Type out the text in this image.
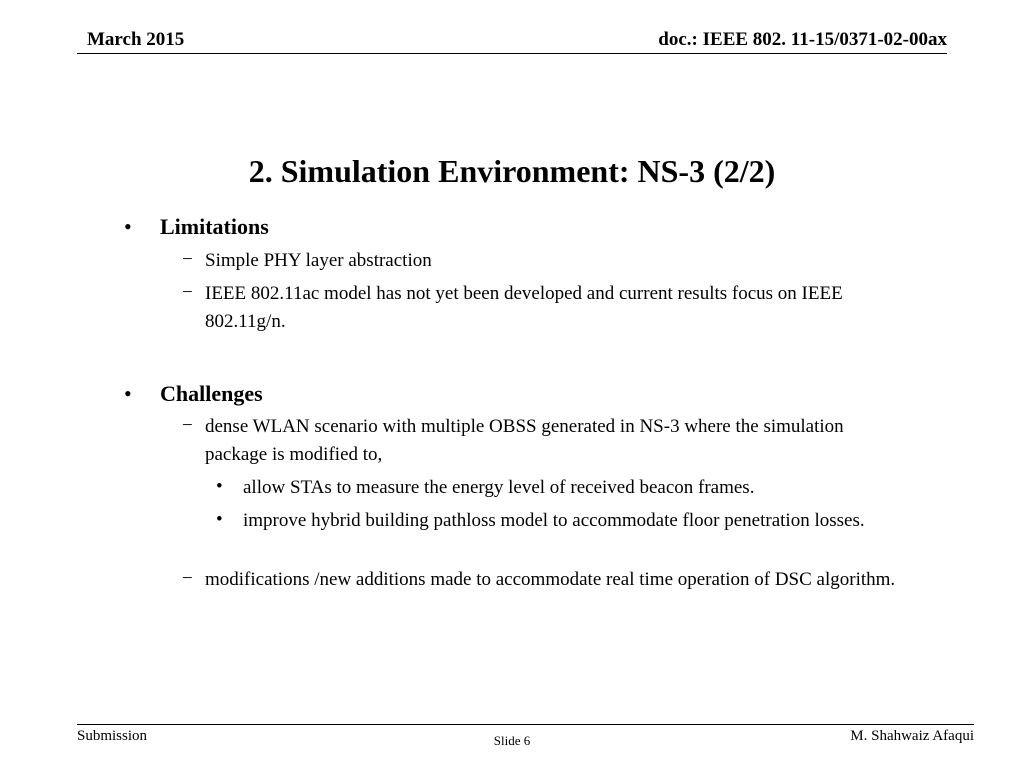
March 2015	doc.: IEEE 802. 11-15/0371-02-00ax
2. Simulation Environment: NS-3 (2/2)
• Limitations
− Simple PHY layer abstraction
− IEEE 802.11ac model has not yet been developed and current results focus on IEEE 802.11g/n.
• Challenges
− dense WLAN scenario with multiple OBSS generated in NS-3 where the simulation package is modified to,
• allow STAs to measure the energy level of received beacon frames.
• improve hybrid building pathloss model to accommodate floor penetration losses.
− modifications /new additions made to accommodate real time operation of DSC algorithm.
Submission	Slide 6	M. Shahwaiz Afaqui
